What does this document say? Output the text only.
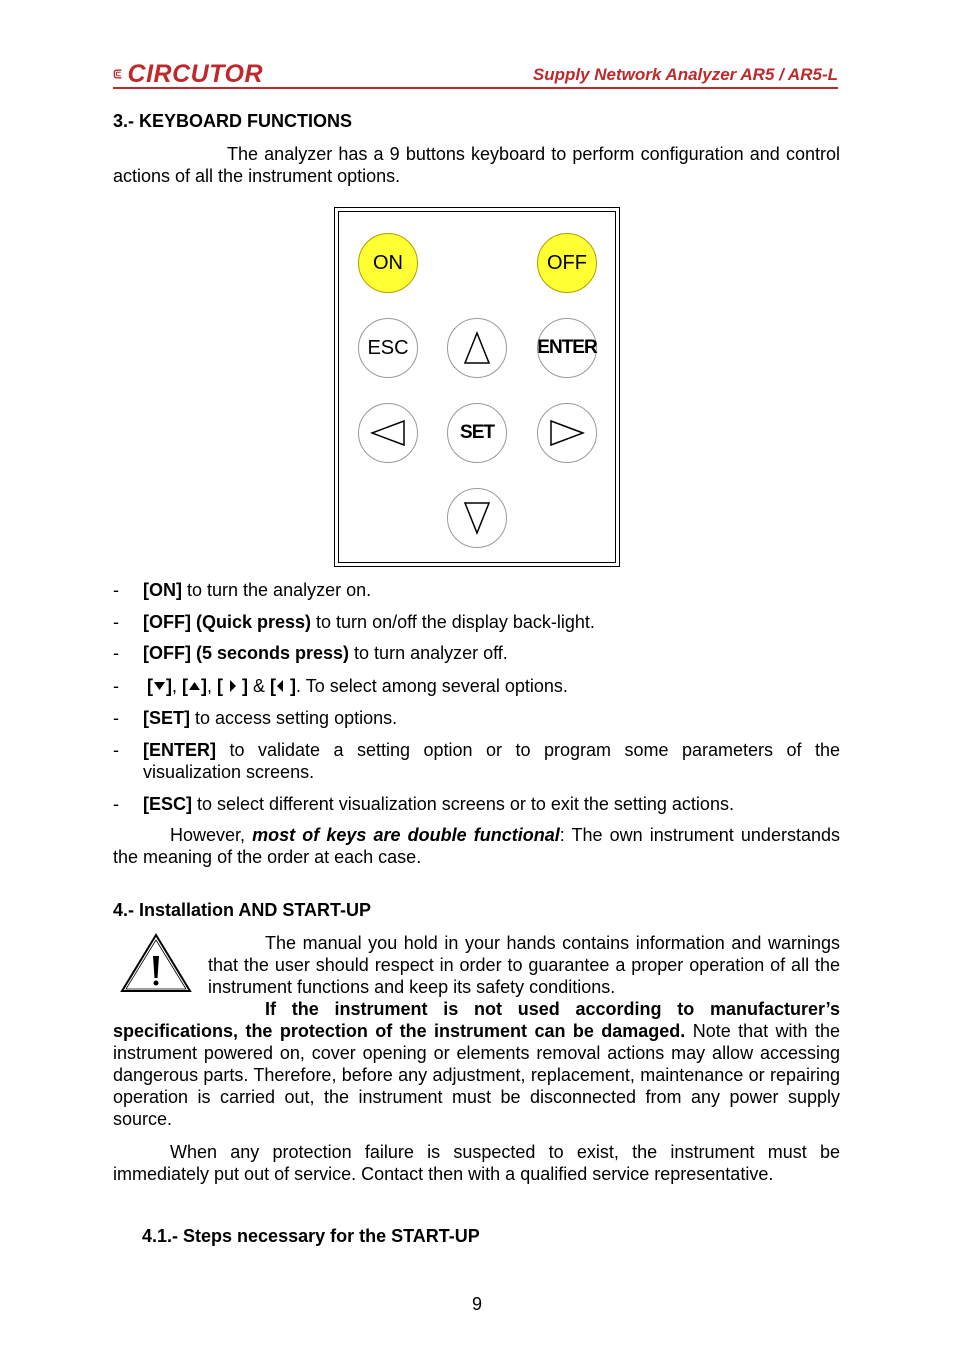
CIRCUTOR	Supply Network Analyzer AR5 / AR5-L
3.- KEYBOARD FUNCTIONS
The analyzer has a 9 buttons keyboard to perform configuration and control actions of all the instrument options.
ON	OFF
ESC	ENTER
SET
- [ON] to turn the analyzer on.
- [OFF] (Quick press) to turn on/off the display back-light.
- [OFF] (5 seconds press) to turn analyzer off.
- [ ], [ ], [  ] & [ ]. To select among several options.
- [SET] to access setting options.
- [ENTER] to validate a setting option or to program some parameters of the visualization screens.
- [ESC] to select different visualization screens or to exit the setting actions.
However, most of keys are double functional: The own instrument understands the meaning of the order at each case.
4.- Installation AND START-UP
The manual you hold in your hands contains information and warnings that the user should respect in order to guarantee a proper operation of all the instrument functions and keep its safety conditions.
If the instrument is not used according to manufacturer’s specifications, the protection of the instrument can be damaged. Note that with the instrument powered on, cover opening or elements removal actions may allow accessing dangerous parts. Therefore, before any adjustment, replacement, maintenance or repairing operation is carried out, the instrument must be disconnected from any power supply source.
When any protection failure is suspected to exist, the instrument must be immediately put out of service. Contact then with a qualified service representative.
4.1.- Steps necessary for the START-UP
9
